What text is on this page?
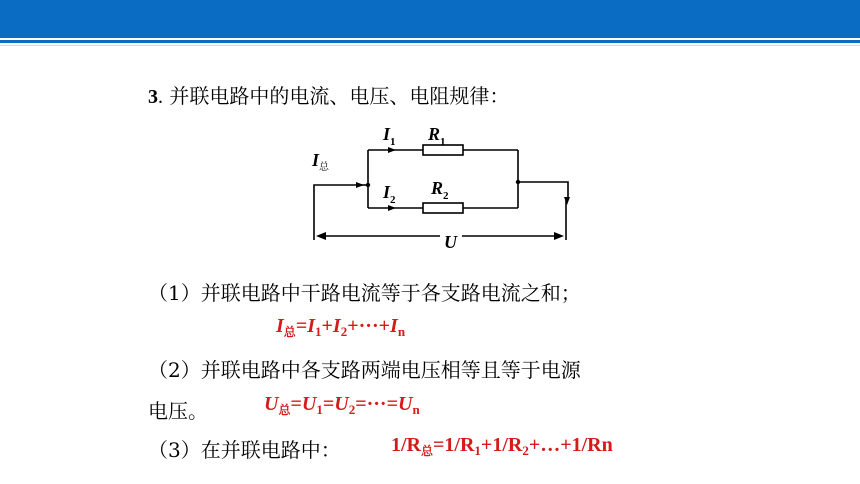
3. 并联电路中的电流、电压、电阻规律：
$I_总$
$I_1$ $R_1$
$I_2$
$R_2$
U
（1）并联电路中干路电流等于各支路电流之和；
$I_总=I_1+I_2+\cdot\cdot\cdot+I_n$
（2）并联电路中各支路两端电压相等且等于电源
电压。	$U_总=U_1=U_2=\cdot\cdot\cdot=U_n$
（3）在并联电路中：	$1/R_总=1/R_1+1/R_2+\dots+1/Rn$
